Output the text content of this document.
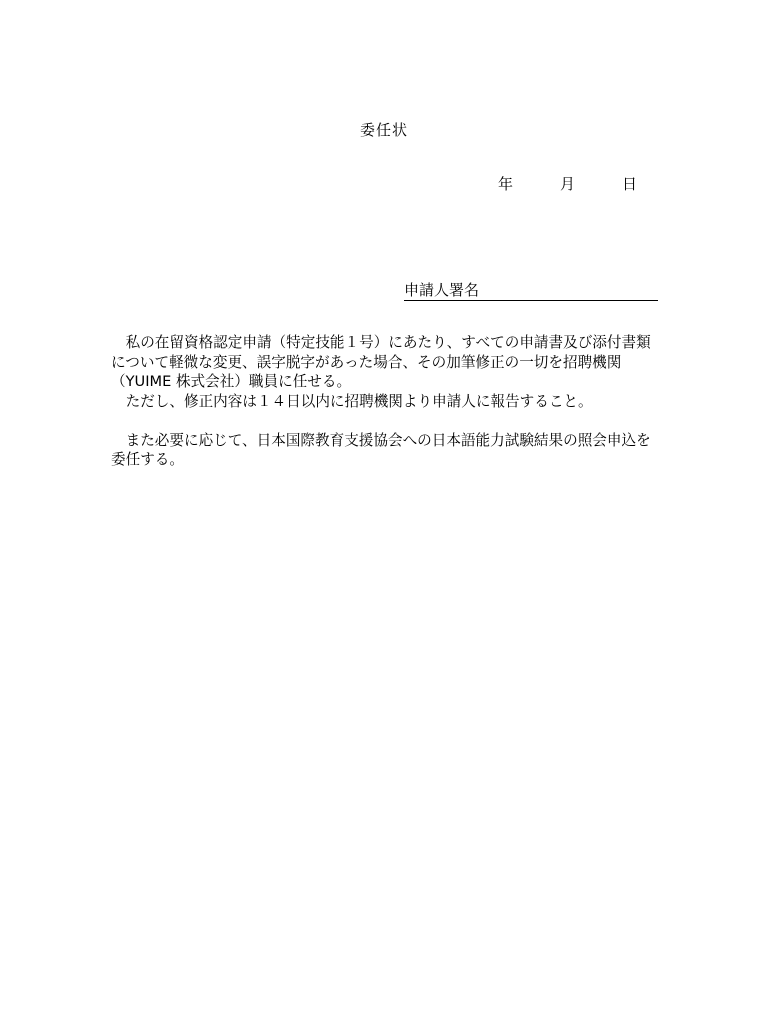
委任状
年	月	日
申請人署名

私の在留資格認定申請（特定技能１号）にあたり、すべての申請書及び添付書類について軽微な変更、誤字脱字があった場合、その加筆修正の一切を招聘機関（YUIME 株式会社）職員に任せる。

ただし、修正内容は１４日以内に招聘機関より申請人に報告すること。

また必要に応じて、日本国際教育支援協会への日本語能力試験結果の照会申込を委任する。
